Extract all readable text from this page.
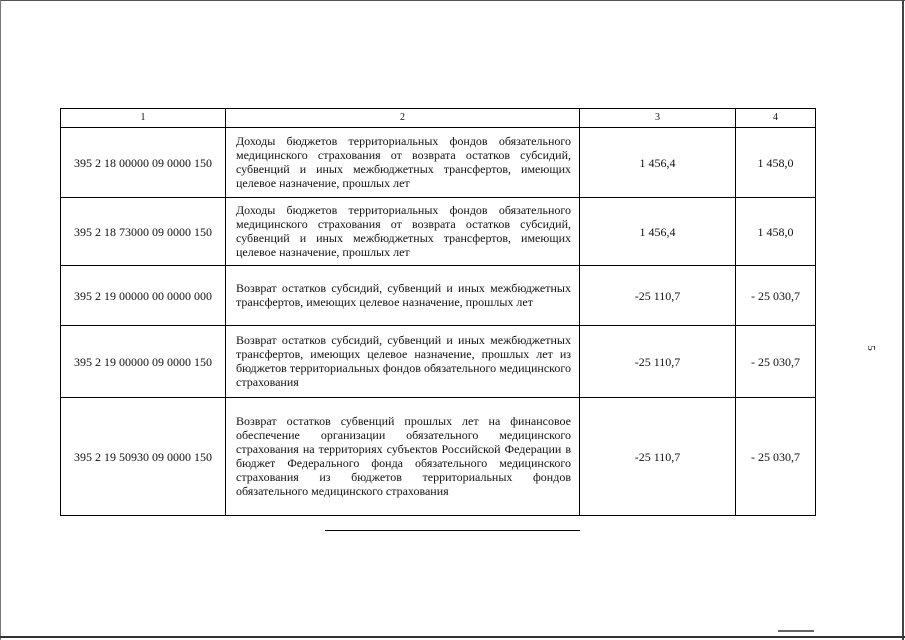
1	2	3	4
395 2 18 00000 09 0000 150	Доходы бюджетов территориальных фондов обязательного медицинского страхования от возврата остатков субсидий, субвенций и иных межбюджетных трансфертов, имеющих целевое назначение, прошлых лет	1 456,4	1 458,0
395 2 18 73000 09 0000 150	Доходы бюджетов территориальных фондов обязательного медицинского страхования от возврата остатков субсидий, субвенций и иных межбюджетных трансфертов, имеющих целевое назначение, прошлых лет	1 456,4	1 458,0
395 2 19 00000 00 0000 000	Возврат остатков субсидий, субвенций и иных межбюджетных трансфертов, имеющих целевое назначение, прошлых лет	-25 110,7	- 25 030,7
395 2 19 00000 09 0000 150	Возврат остатков субсидий, субвенций и иных межбюджетных трансфертов, имеющих целевое назначение, прошлых лет из бюджетов территориальных фондов обязательного медицинского страхования	-25 110,7	- 25 030,7
395 2 19 50930 09 0000 150	Возврат остатков субвенций прошлых лет на финансовое обеспечение организации обязательного медицинского страхования на территориях субъектов Российской Федерации в бюджет Федерального фонда обязательного медицинского страхования из бюджетов территориальных фондов обязательного медицинского страхования	-25 110,7	- 25 030,7
5
